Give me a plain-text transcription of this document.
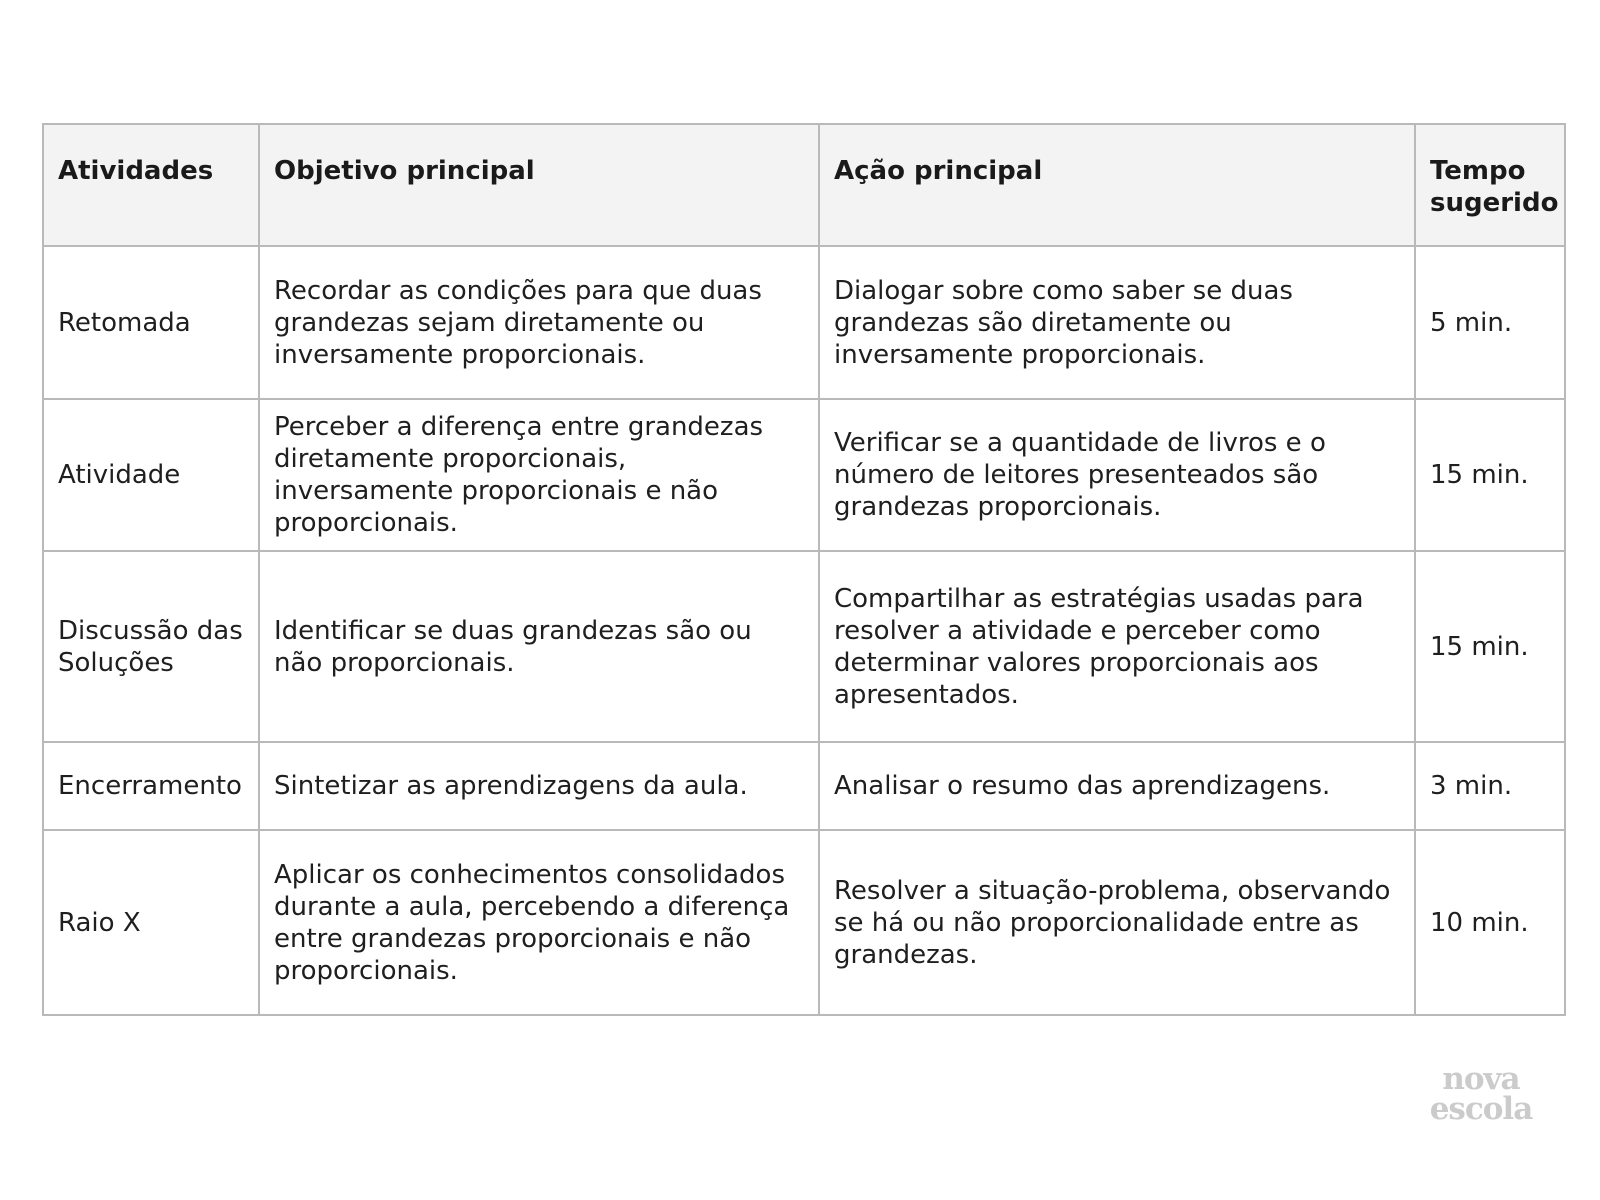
Atividades	Objetivo principal	Ação principal	Tempo sugerido
Retomada	Recordar as condições para que duas grandezas sejam diretamente ou inversamente proporcionais.	Dialogar sobre como saber se duas grandezas são diretamente ou inversamente proporcionais.	5 min.
Atividade	Perceber a diferença entre grandezas diretamente proporcionais, inversamente proporcionais e não proporcionais.	Verificar se a quantidade de livros e o número de leitores presenteados são grandezas proporcionais.	15 min.
Discussão das Soluções	Identificar se duas grandezas são ou não proporcionais.	Compartilhar as estratégias usadas para resolver a atividade e perceber como determinar valores proporcionais aos apresentados.	15 min.
Encerramento	Sintetizar as aprendizagens da aula.	Analisar o resumo das aprendizagens.	3 min.
Raio X	Aplicar os conhecimentos consolidados durante a aula, percebendo a diferença entre grandezas proporcionais e não proporcionais.	Resolver a situação-problema, observando se há ou não proporcionalidade entre as grandezas.	10 min.
nova
escola
